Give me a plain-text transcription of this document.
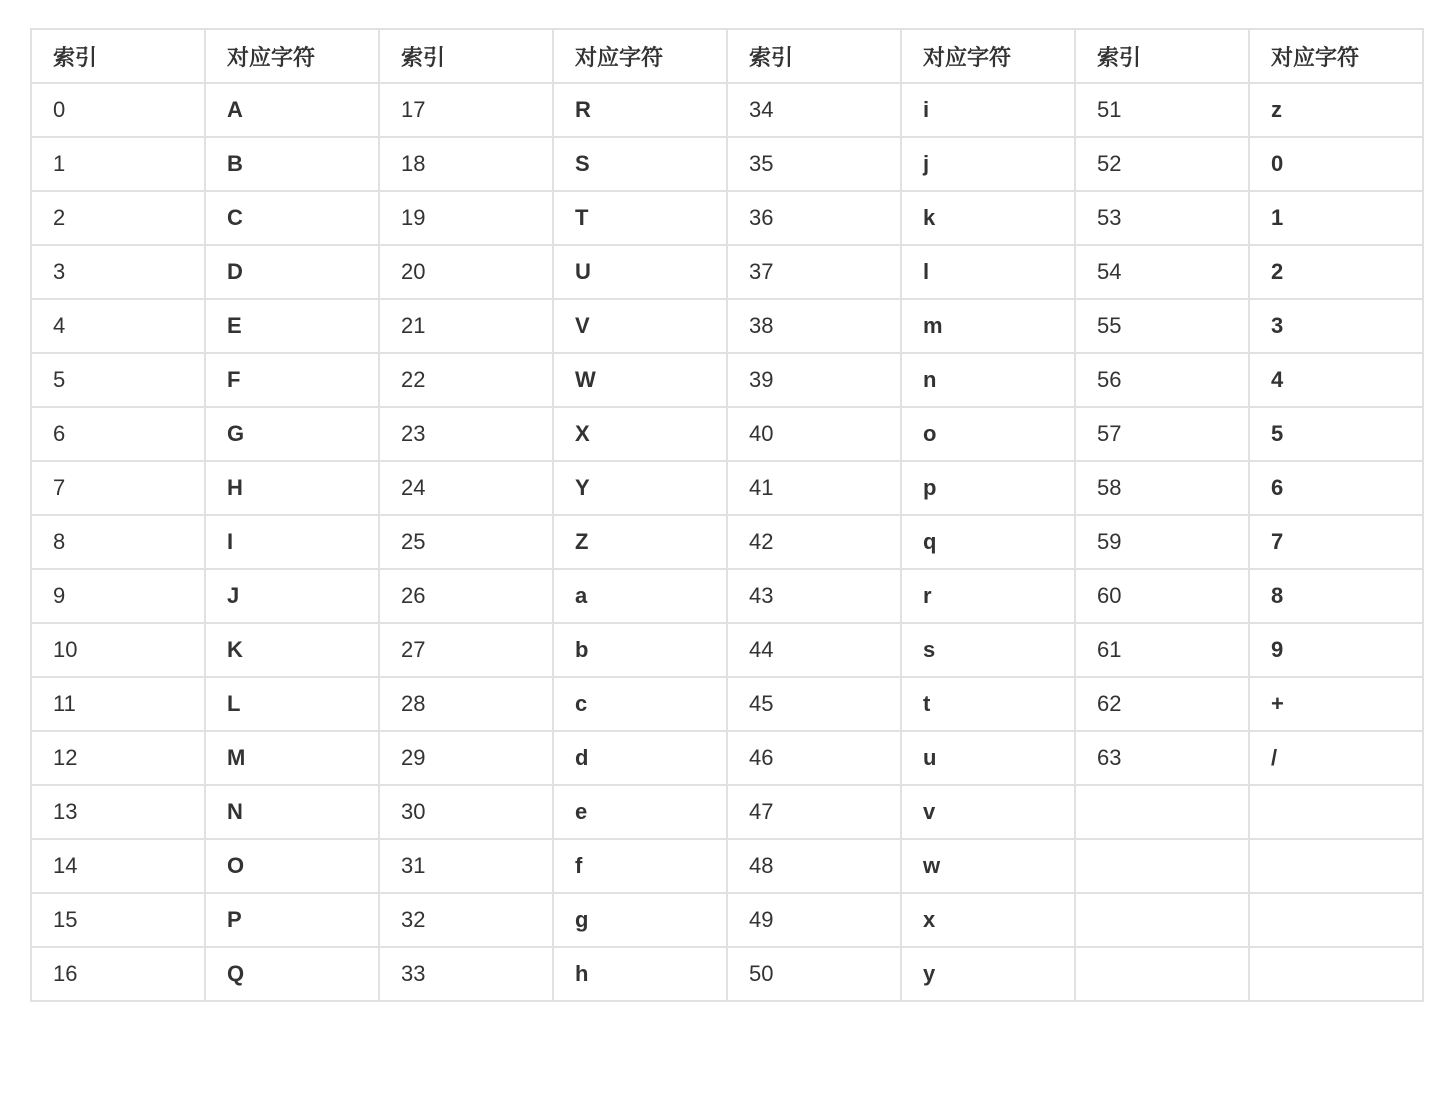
索引	对应字符	索引	对应字符	索引	对应字符	索引	对应字符
0	A	17	R	34	i	51	z
1	B	18	S	35	j	52	0
2	C	19	T	36	k	53	1
3	D	20	U	37	l	54	2
4	E	21	V	38	m	55	3
5	F	22	W	39	n	56	4
6	G	23	X	40	o	57	5
7	H	24	Y	41	p	58	6
8	I	25	Z	42	q	59	7
9	J	26	a	43	r	60	8
10	K	27	b	44	s	61	9
11	L	28	c	45	t	62	+
12	M	29	d	46	u	63	/
13	N	30	e	47	v		
14	O	31	f	48	w		
15	P	32	g	49	x		
16	Q	33	h	50	y		
